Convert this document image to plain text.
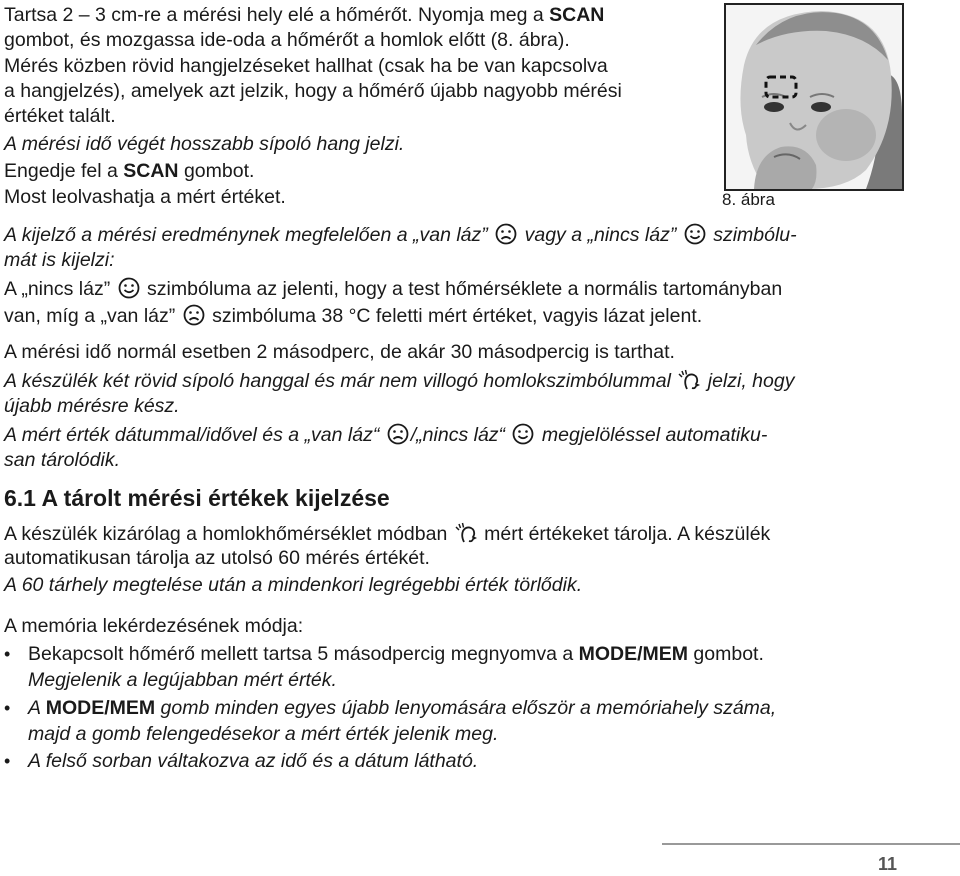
Tartsa 2 – 3 cm-re a mérési hely elé a hőmérőt. Nyomja meg a SCAN
gombot, és mozgassa ide-oda a hőmérőt a homlok előtt (8. ábra).
Mérés közben rövid hangjelzéseket hallhat (csak ha be van kapcsolva
a hangjelzés), amelyek azt jelzik, hogy a hőmérő újabb nagyobb mérési
értéket talált.
A mérési idő végét hosszabb sípoló hang jelzi.
Engedje fel a SCAN gombot.
Most leolvashatja a mért értéket.	8. ábra
A kijelző a mérési eredménynek megfelelően a „van láz” vagy a „nincs láz” szimbólu-
mát is kijelzi:
A „nincs láz” szimbóluma az jelenti, hogy a test hőmérséklete a normális tartományban
van, míg a „van láz” szimbóluma 38 °C feletti mért értéket, vagyis lázat jelent.
A mérési idő normál esetben 2 másodperc, de akár 30 másodpercig is tarthat.
A készülék két rövid sípoló hanggal és már nem villogó homlokszimbólummal jelzi, hogy
újabb mérésre kész.
A mért érték dátummal/idővel és a „van láz“ /„nincs láz“ megjelöléssel automatiku-
san tárolódik.
6.1 A tárolt mérési értékek kijelzése
A készülék kizárólag a homlokhőmérséklet módban mért értékeket tárolja. A készülék
automatikusan tárolja az utolsó 60 mérés értékét.
A 60 tárhely megtelése után a mindenkori legrégebbi érték törlődik.
A memória lekérdezésének módja:
• Bekapcsolt hőmérő mellett tartsa 5 másodpercig megnyomva a MODE/MEM gombot.
Megjelenik a legújabban mért érték.
• A MODE/MEM gomb minden egyes újabb lenyomására először a memóriahely száma,
majd a gomb felengedésekor a mért érték jelenik meg.
• A felső sorban váltakozva az idő és a dátum látható.
11
